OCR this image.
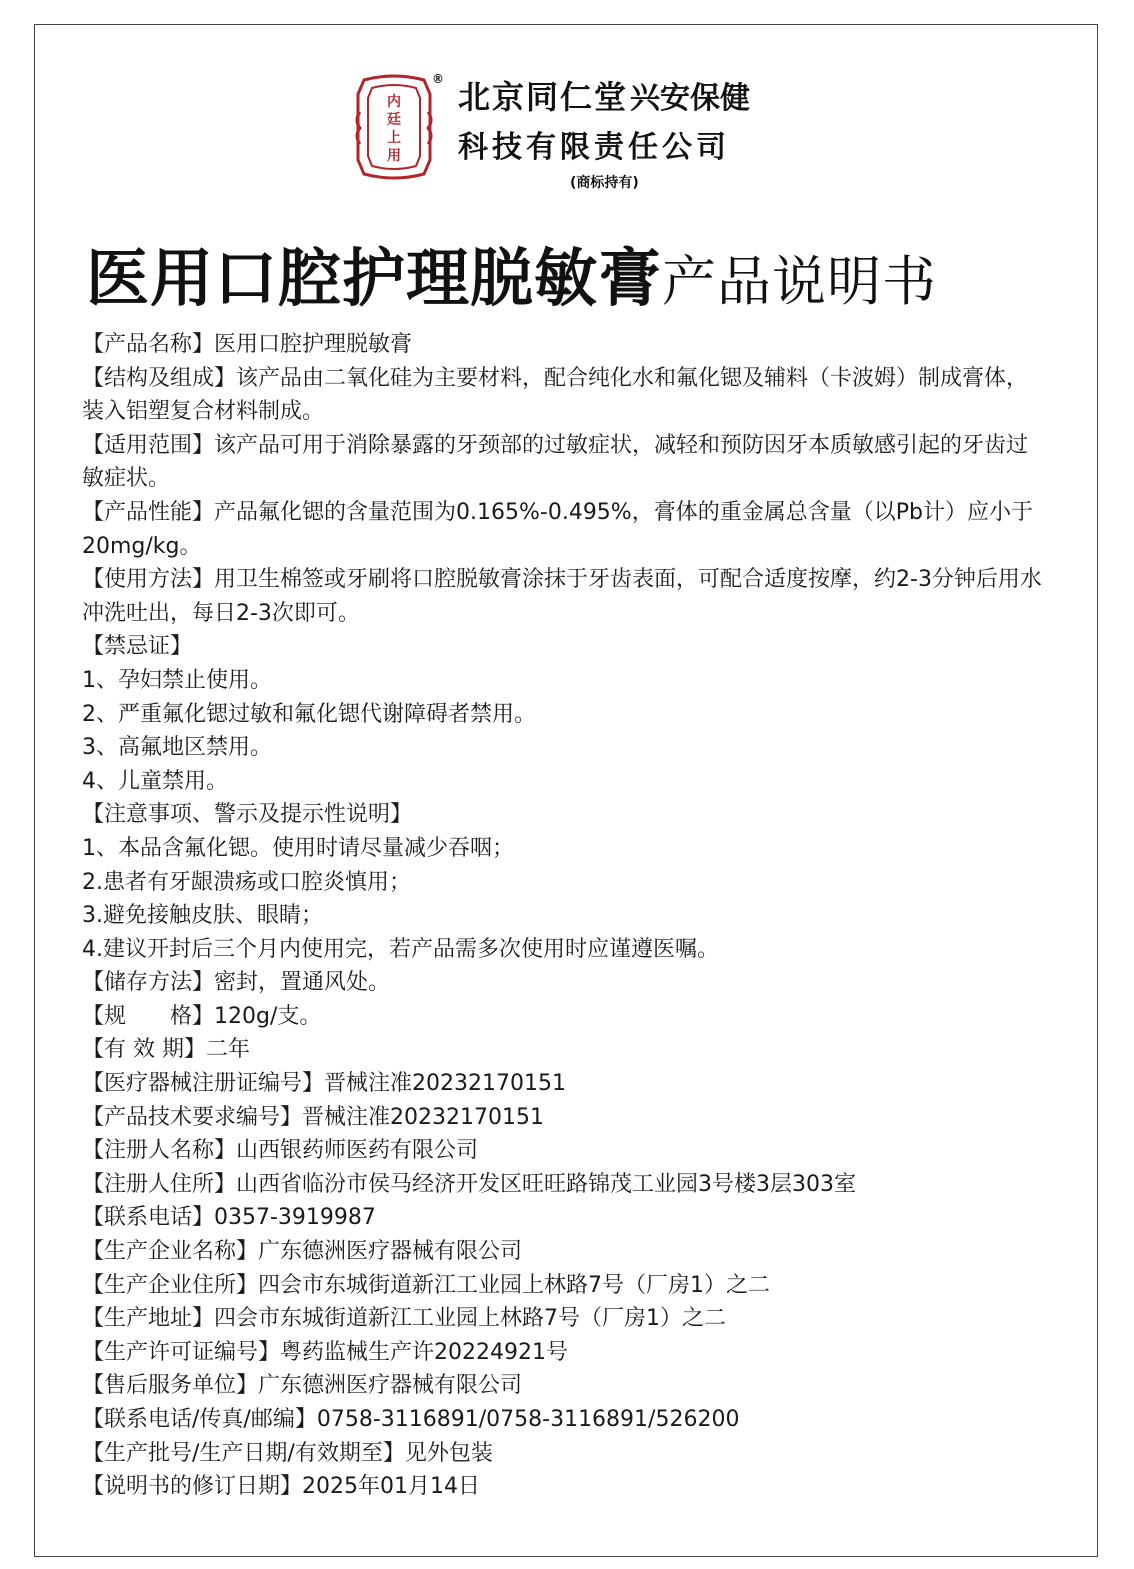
内
廷
上
用
® 北京同仁堂 兴安保健
科技有限责任公司
(商标持有)
医用口腔护理脱敏膏 产品说明书
【产品名称】医用口腔护理脱敏膏
【结构及组成】该产品由二氧化硅为主要材料，配合纯化水和氟化锶及辅料（卡波姆）制成膏体，装入铝塑复合材料制成。
【适用范围】该产品可用于消除暴露的牙颈部的过敏症状，减轻和预防因牙本质敏感引起的牙齿过敏症状。
【产品性能】产品氟化锶的含量范围为0.165%-0.495%，膏体的重金属总含量（以Pb计）应小于20mg/kg。
【使用方法】用卫生棉签或牙刷将口腔脱敏膏涂抹于牙齿表面，可配合适度按摩，约2-3分钟后用水冲洗吐出，每日2-3次即可。
【禁忌证】
1、孕妇禁止使用。
2、严重氟化锶过敏和氟化锶代谢障碍者禁用。
3、高氟地区禁用。
4、儿童禁用。
【注意事项、警示及提示性说明】
1、本品含氟化锶。使用时请尽量减少吞咽；
2.患者有牙龈溃疡或口腔炎慎用；
3.避免接触皮肤、眼睛；
4.建议开封后三个月内使用完，若产品需多次使用时应谨遵医嘱。
【储存方法】密封，置通风处。
【规　　格】120g/支。
【有 效 期】二年
【医疗器械注册证编号】晋械注准20232170151
【产品技术要求编号】晋械注准20232170151
【注册人名称】山西银药师医药有限公司
【注册人住所】山西省临汾市侯马经济开发区旺旺路锦茂工业园3号楼3层303室
【联系电话】0357-3919987
【生产企业名称】广东德洲医疗器械有限公司
【生产企业住所】四会市东城街道新江工业园上林路7号（厂房1）之二
【生产地址】四会市东城街道新江工业园上林路7号（厂房1）之二
【生产许可证编号】粤药监械生产许20224921号
【售后服务单位】广东德洲医疗器械有限公司
【联系电话/传真/邮编】0758-3116891/0758-3116891/526200
【生产批号/生产日期/有效期至】见外包装
【说明书的修订日期】2025年01月14日
